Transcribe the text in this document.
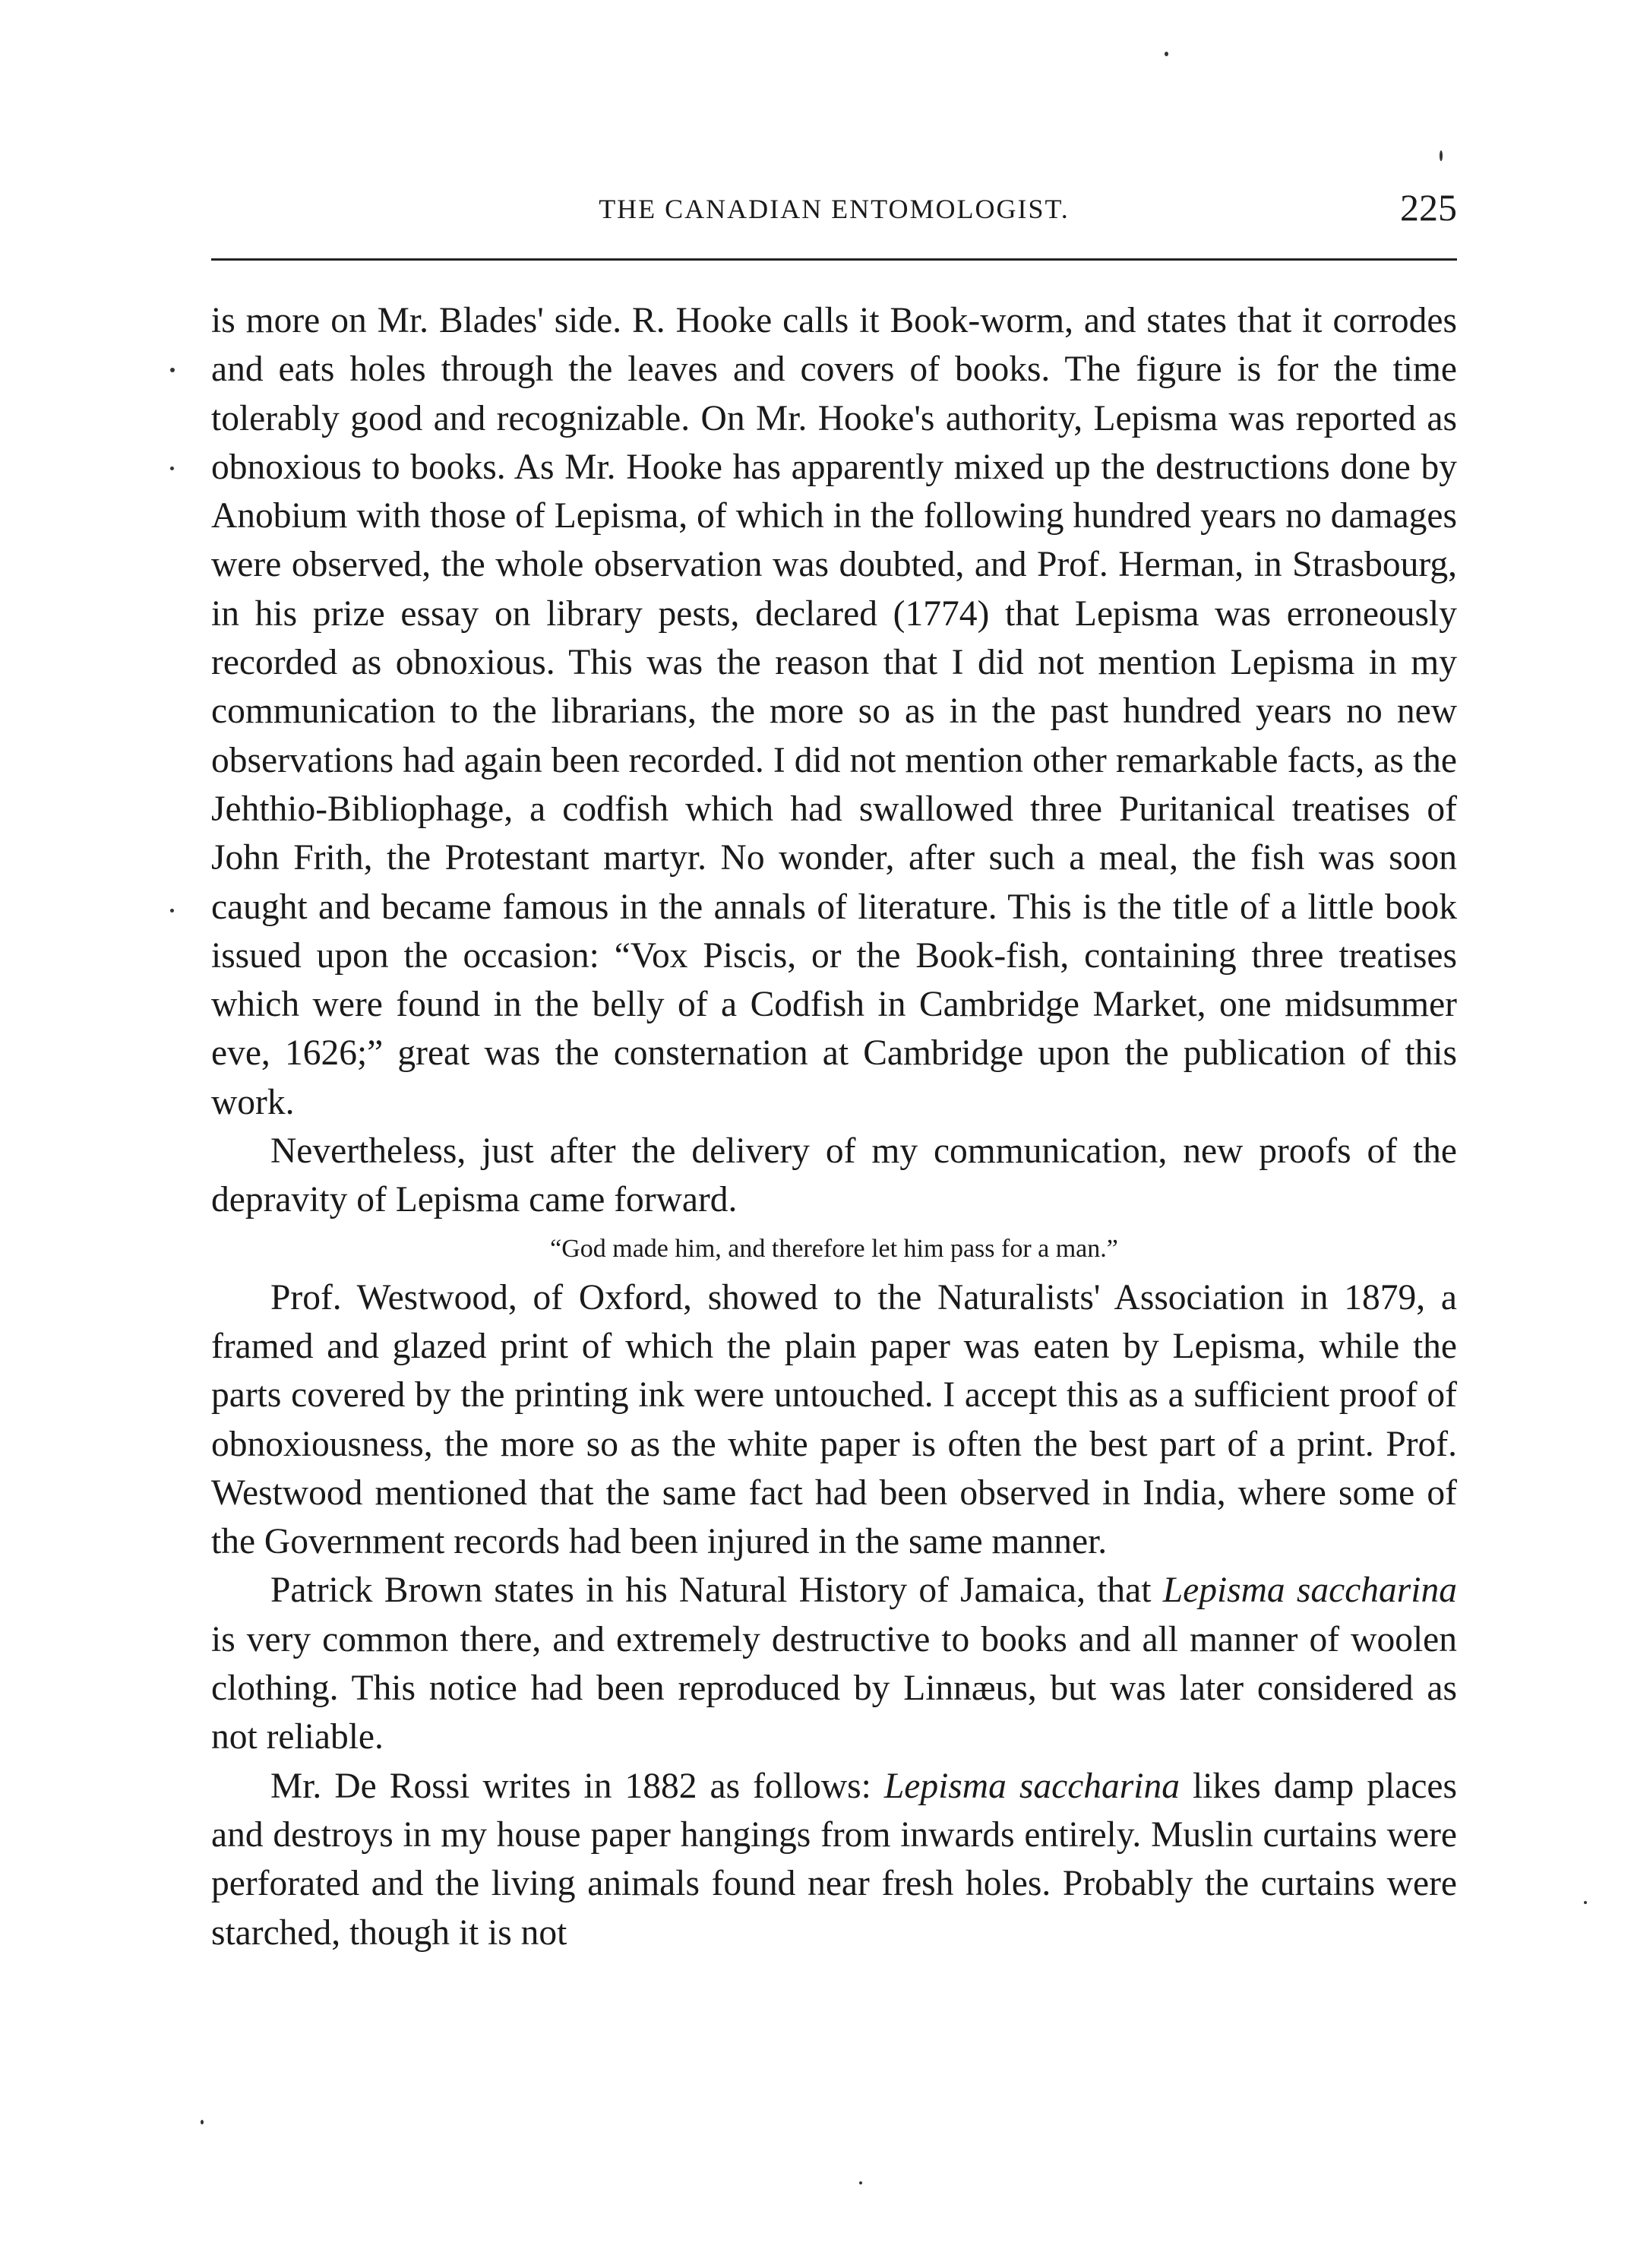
THE CANADIAN ENTOMOLOGIST.	225

is more on Mr. Blades' side. R. Hooke calls it Book-worm, and states that it corrodes and eats holes through the leaves and covers of books. The figure is for the time tolerably good and recognizable. On Mr. Hooke's authority, Lepisma was reported as obnoxious to books. As Mr. Hooke has apparently mixed up the destructions done by Anobium with those of Lepisma, of which in the following hundred years no damages were observed, the whole observation was doubted, and Prof. Herman, in Strasbourg, in his prize essay on library pests, declared (1774) that Lepisma was erroneously recorded as obnoxious. This was the reason that I did not mention Lepisma in my communication to the librarians, the more so as in the past hundred years no new observations had again been recorded. I did not mention other remarkable facts, as the Jehthio-Bibliophage, a codfish which had swallowed three Puritanical treatises of John Frith, the Protestant martyr. No wonder, after such a meal, the fish was soon caught and became famous in the annals of literature. This is the title of a little book issued upon the occasion: “Vox Piscis, or the Book-fish, containing three treatises which were found in the belly of a Codfish in Cambridge Market, one midsummer eve, 1626;” great was the consternation at Cambridge upon the publication of this work.

Nevertheless, just after the delivery of my communication, new proofs of the depravity of Lepisma came forward.

“God made him, and therefore let him pass for a man.”

Prof. Westwood, of Oxford, showed to the Naturalists' Association in 1879, a framed and glazed print of which the plain paper was eaten by Lepisma, while the parts covered by the printing ink were untouched. I accept this as a sufficient proof of obnoxiousness, the more so as the white paper is often the best part of a print. Prof. Westwood mentioned that the same fact had been observed in India, where some of the Government records had been injured in the same manner.

Patrick Brown states in his Natural History of Jamaica, that Lepisma saccharina is very common there, and extremely destructive to books and all manner of woolen clothing. This notice had been reproduced by Linnæus, but was later considered as not reliable.

Mr. De Rossi writes in 1882 as follows: Lepisma saccharina likes damp places and destroys in my house paper hangings from inwards entirely. Muslin curtains were perforated and the living animals found near fresh holes. Probably the curtains were starched, though it is not
